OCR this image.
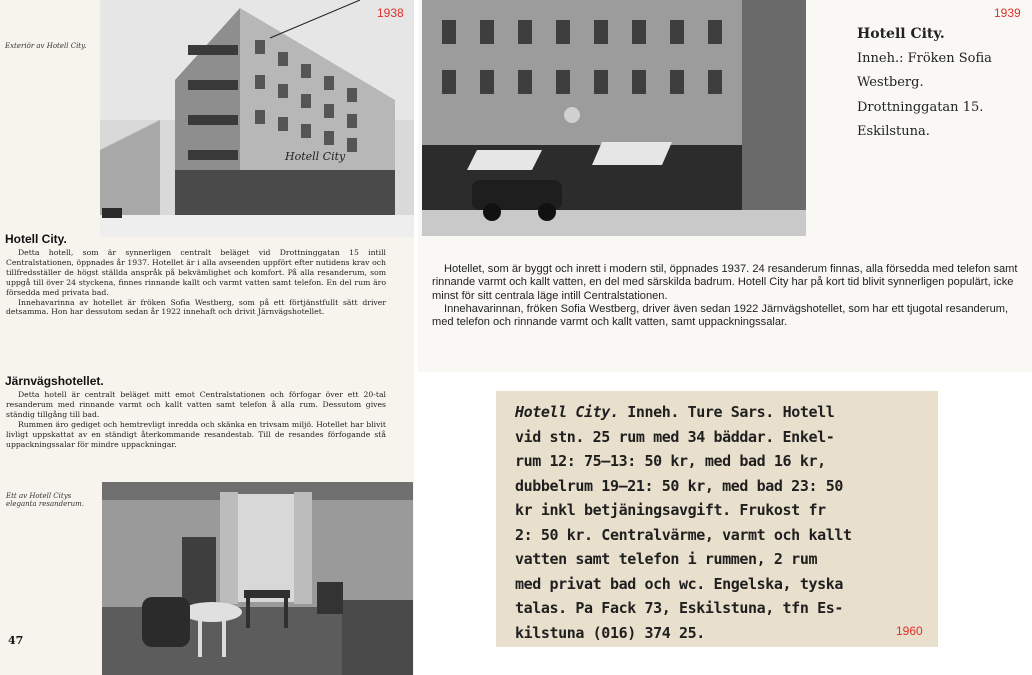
Exteriör av Hotell City.
Hotell City
Hotell City.

Detta hotell, som är synnerligen centralt beläget vid Drottninggatan 15 intill Centralstationen, öppnades år 1937. Hotellet är i alla avseenden uppfört efter nutidens krav och tillfredsställer de högst ställda anspråk på bekvämlighet och komfort. På alla resanderum, som uppgå till över 24 styckena, finnes rinnande kallt och varmt vatten samt telefon. En del rum äro försedda med privata bad.

Innehavarinna av hotellet är fröken Sofia Westberg, som på ett förtjänstfullt sätt driver detsamma. Hon har dessutom sedan år 1922 innehaft och drivit Järnvägshotellet.

Järnvägshotellet.

Detta hotell är centralt beläget mitt emot Centralstationen och förfogar över ett 20-tal resanderum med rinnande varmt och kallt vatten samt telefon å alla rum. Dessutom gives ständig tillgång till bad.

Rummen äro gediget och hemtrevligt inredda och skänka en trivsam miljö. Hotellet har blivit livligt uppskattat av en ständigt återkommande resandestab. Till de resandes förfogande stå uppackningssalar för mindre uppackningar.

Ett av Hotell Citys eleganta resanderum.
47
1938
Hotell City.
Inneh.: Fröken Sofia
Westberg.
Drottninggatan 15.
Eskilstuna.
1939

Hotellet, som är byggt och inrett i modern stil, öppnades 1937. 24 resanderum finnas, alla försedda med telefon samt rinnande varmt och kallt vatten, en del med särskilda badrum. Hotell City har på kort tid blivit synnerligen populärt, icke minst för sitt centrala läge intill Centralstationen.

Innehavarinnan, fröken Sofia Westberg, driver även sedan 1922 Järnvägshotellet, som har ett tjugotal resanderum, med telefon och rinnande varmt och kallt vatten, samt uppackningssalar.

Hotell City. Inneh. Ture Sars. Hotell
vid stn. 25 rum med 34 bäddar. Enkel-
rum 12: 75—13: 50 kr, med bad 16 kr,
dubbelrum 19—21: 50 kr, med bad 23: 50
kr inkl betjäningsavgift. Frukost fr
2: 50 kr. Centralvärme, varmt och kallt
vatten samt telefon i rummen, 2 rum
med privat bad och wc. Engelska, tyska
talas. Pa Fack 73, Eskilstuna, tfn Es-
kilstuna (016) 374 25.	1960
